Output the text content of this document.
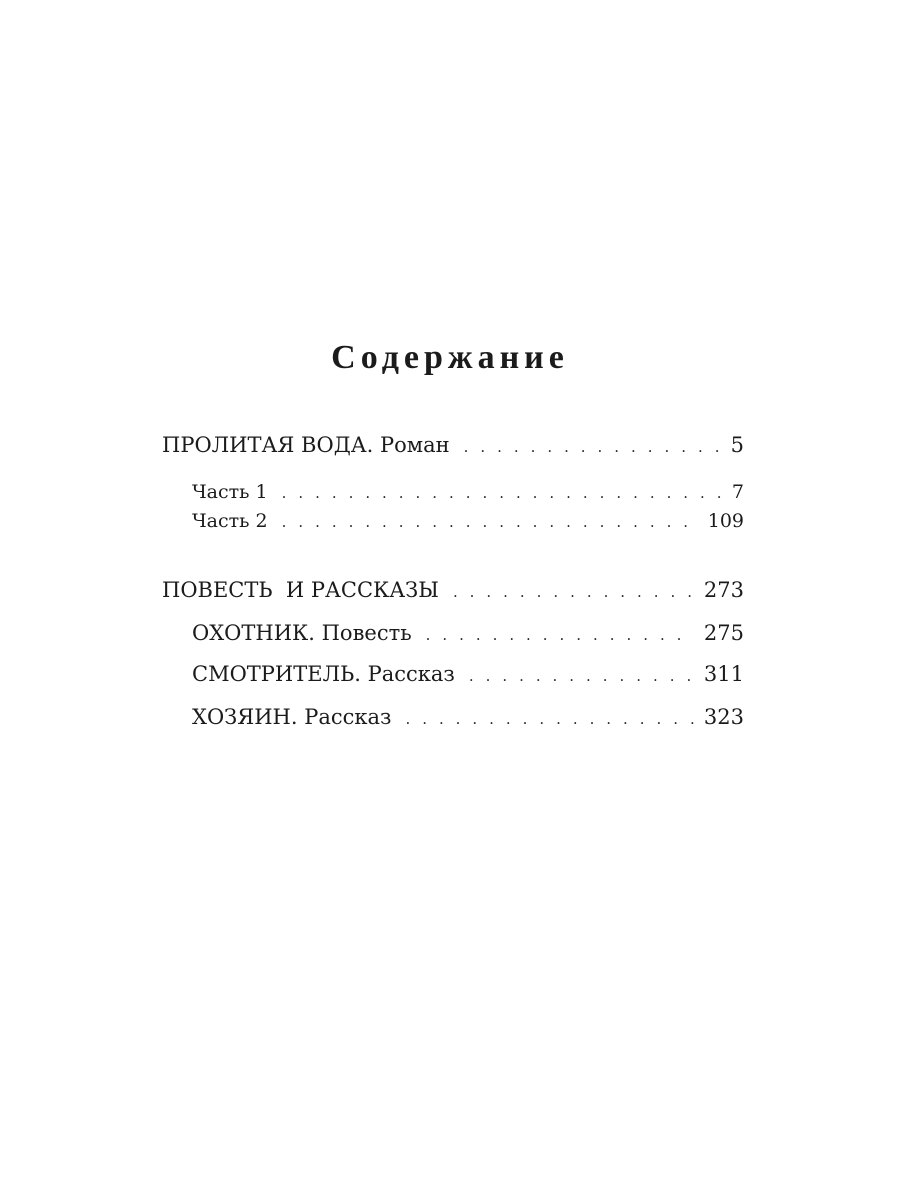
Содержание
ПРОЛИТАЯ ВОДА. Роман . . .	5
Часть 1 . . .	7
Часть 2 . . .	109
ПОВЕСТЬ  И РАССКАЗЫ . . .	273
ОХОТНИК. Повесть . . .	275
СМОТРИТЕЛЬ. Рассказ . . .	311
ХОЗЯИН. Рассказ . . .	323
